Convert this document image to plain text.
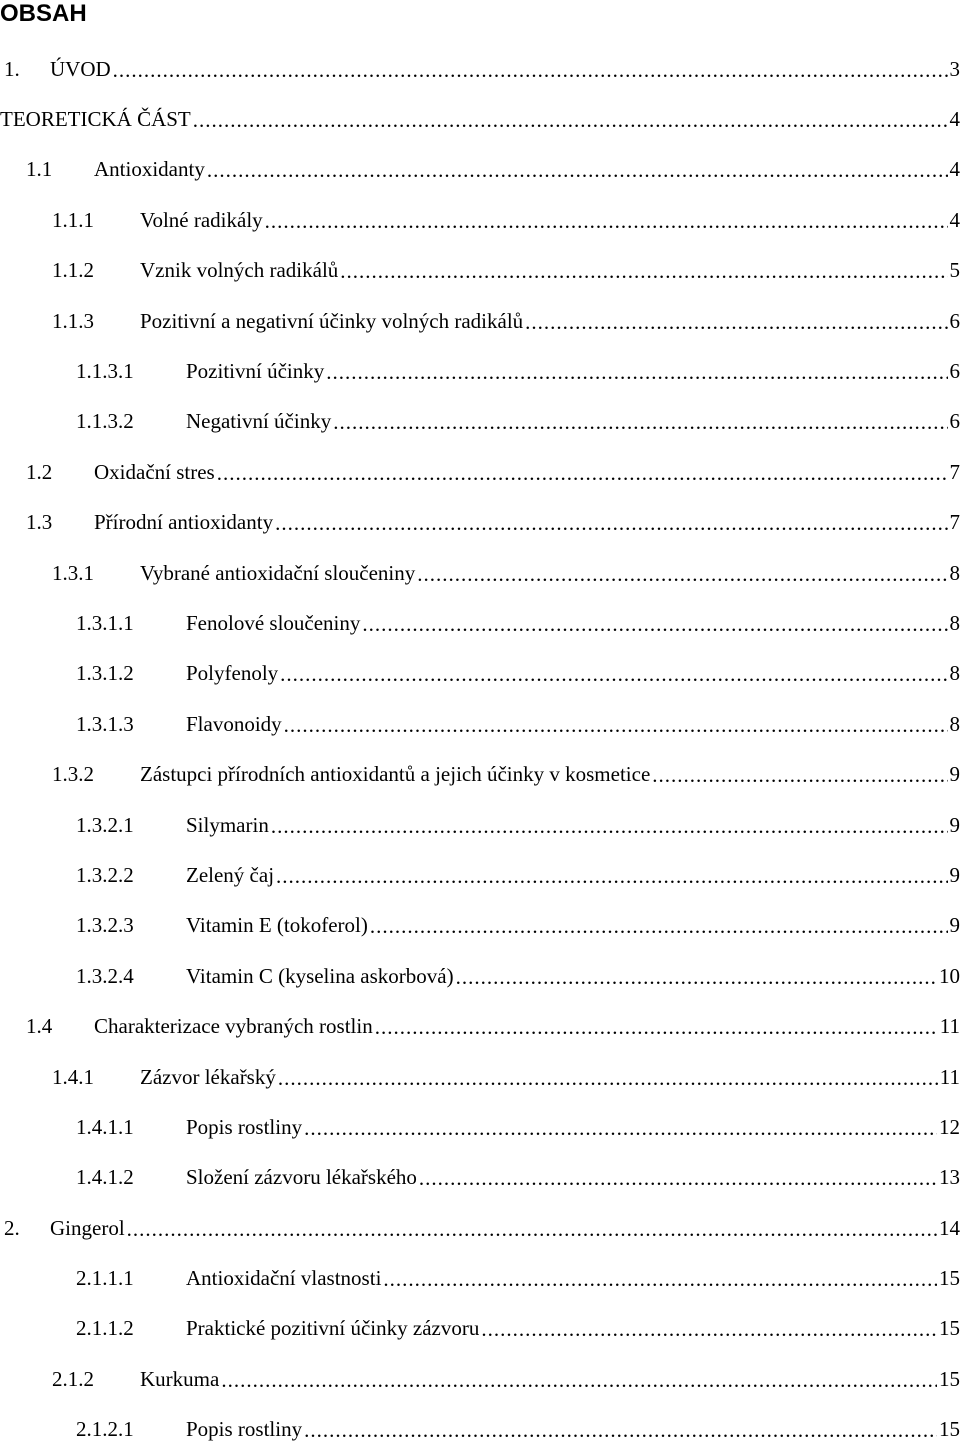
OBSAH
1.	ÚVOD .....	3
TEORETICKÁ ČÁST .....	4
1.1	Antioxidanty .....	4
1.1.1	Volné radikály .....	4
1.1.2	Vznik volných radikálů .....	5
1.1.3	Pozitivní a negativní účinky volných radikálů .....	6
1.1.3.1	Pozitivní účinky .....	6
1.1.3.2	Negativní účinky .....	6
1.2	Oxidační stres .....	7
1.3	Přírodní antioxidanty .....	7
1.3.1	Vybrané antioxidační sloučeniny .....	8
1.3.1.1	Fenolové sloučeniny .....	8
1.3.1.2	Polyfenoly .....	8
1.3.1.3	Flavonoidy .....	8
1.3.2	Zástupci přírodních antioxidantů a jejich účinky v kosmetice .....	9
1.3.2.1	Silymarin .....	9
1.3.2.2	Zelený čaj .....	9
1.3.2.3	Vitamin E (tokoferol) .....	9
1.3.2.4	Vitamin C (kyselina askorbová) .....	10
1.4	Charakterizace vybraných rostlin .....	11
1.4.1	Zázvor lékařský .....	11
1.4.1.1	Popis rostliny .....	12
1.4.1.2	Složení zázvoru lékařského .....	13
2.	Gingerol .....	14
2.1.1.1	Antioxidační vlastnosti .....	15
2.1.1.2	Praktické pozitivní účinky zázvoru .....	15
2.1.2	Kurkuma .....	15
2.1.2.1	Popis rostliny .....	15
